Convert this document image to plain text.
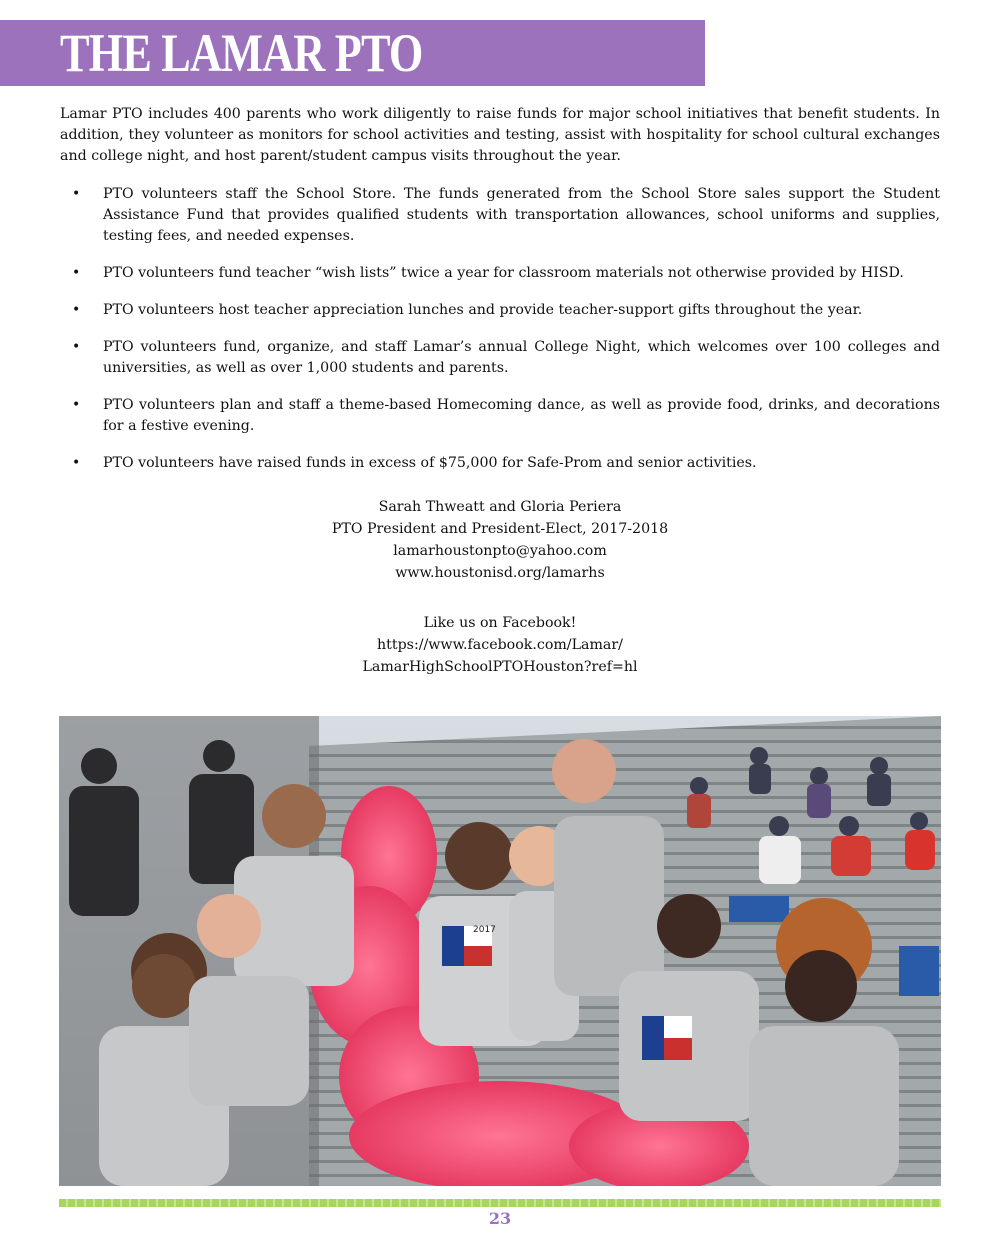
THE LAMAR PTO

Lamar PTO includes 400 parents who work diligently to raise funds for major school initiatives that benefit students. In addition, they volunteer as monitors for school activities and testing, assist with hospitality for school cultural exchanges and college night, and host parent/student campus visits throughout the year.

• PTO volunteers staff the School Store. The funds generated from the School Store sales support the Student Assistance Fund that provides qualified students with transportation allowances, school uniforms and supplies, testing fees, and needed expenses.
• PTO volunteers fund teacher “wish lists” twice a year for classroom materials not otherwise provided by HISD.
• PTO volunteers host teacher appreciation lunches and provide teacher-support gifts throughout the year.
• PTO volunteers fund, organize, and staff Lamar’s annual College Night, which welcomes over 100 colleges and universities, as well as over 1,000 students and parents.
• PTO volunteers plan and staff a theme-based Homecoming dance, as well as provide food, drinks, and decorations for a festive evening.
• PTO volunteers have raised funds in excess of $75,000 for Safe-Prom and senior activities.
Sarah Thweatt and Gloria Periera
PTO President and President-Elect, 2017-2018
lamarhoustonpto@yahoo.com
www.houstonisd.org/lamarhs
Like us on Facebook!
https://www.facebook.com/Lamar/
LamarHighSchoolPTOHouston?ref=hl
2017
23
